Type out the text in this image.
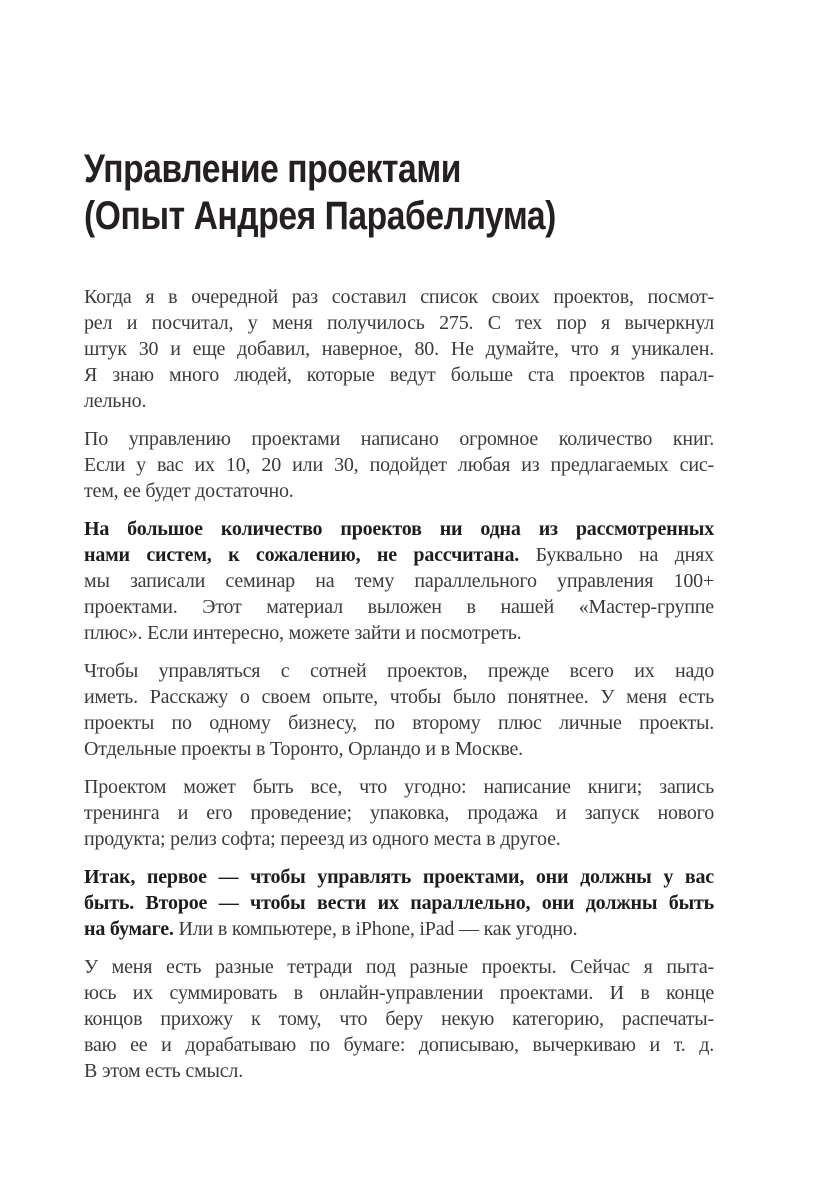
Управление проектами
(Опыт Андрея Парабеллума)

Когда я в очередной раз составил список своих проектов, посмот-
рел и посчитал, у меня получилось 275. С тех пор я вычеркнул
штук 30 и еще добавил, наверное, 80. Не думайте, что я уникален.
Я знаю много людей, которые ведут больше ста проектов парал-
лельно.

По управлению проектами написано огромное количество книг.
Если у вас их 10, 20 или 30, подойдет любая из предлагаемых сис-
тем, ее будет достаточно.

На большое количество проектов ни одна из рассмотренных
нами систем, к сожалению, не рассчитана. Буквально на днях
мы записали семинар на тему параллельного управления 100+
проектами. Этот материал выложен в нашей «Мастер-группе
плюс». Если интересно, можете зайти и посмотреть.

Чтобы управляться с сотней проектов, прежде всего их надо
иметь. Расскажу о своем опыте, чтобы было понятнее. У меня есть
проекты по одному бизнесу, по второму плюс личные проекты.
Отдельные проекты в Торонто, Орландо и в Москве.

Проектом может быть все, что угодно: написание книги; запись
тренинга и его проведение; упаковка, продажа и запуск нового
продукта; релиз софта; переезд из одного места в другое.

Итак, первое — чтобы управлять проектами, они должны у вас
быть. Второе — чтобы вести их параллельно, они должны быть
на бумаге. Или в компьютере, в iPhone, iPad — как угодно.

У меня есть разные тетради под разные проекты. Сейчас я пыта-
юсь их суммировать в онлайн-управлении проектами. И в конце
концов прихожу к тому, что беру некую категорию, распечаты-
ваю ее и дорабатываю по бумаге: дописываю, вычеркиваю и т. д.
В этом есть смысл.
